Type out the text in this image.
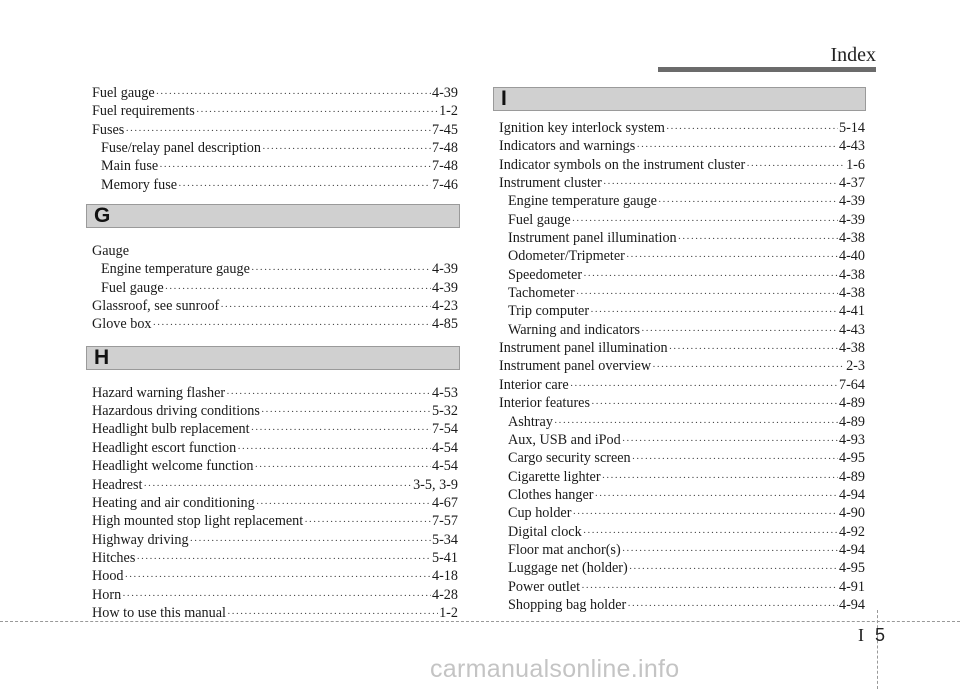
Index
Fuel gauge ·····	4-39
Fuel requirements ·····	1-2
Fuses ·····	7-45
Fuse/relay panel description ·····	7-48
Main fuse ·····	7-48
Memory fuse ·····	7-46
G
Gauge
Engine temperature gauge ·····	4-39
Fuel gauge ·····	4-39
Glassroof, see sunroof ·····	4-23
Glove box ·····	4-85
H
Hazard warning flasher ·····	4-53
Hazardous driving conditions ·····	5-32
Headlight bulb replacement ·····	7-54
Headlight escort function ·····	4-54
Headlight welcome function ·····	4-54
Headrest ·····	3-5, 3-9
Heating and air conditioning ·····	4-67
High mounted stop light replacement ·····	7-57
Highway driving ·····	5-34
Hitches ·····	5-41
Hood ·····	4-18
Horn ·····	4-28
How to use this manual ·····	1-2
I
Ignition key interlock system ·····	5-14
Indicators and warnings ·····	4-43
Indicator symbols on the instrument cluster ·····	1-6
Instrument cluster ·····	4-37
Engine temperature gauge ·····	4-39
Fuel gauge ·····	4-39
Instrument panel illumination ·····	4-38
Odometer/Tripmeter ·····	4-40
Speedometer ·····	4-38
Tachometer ·····	4-38
Trip computer ·····	4-41
Warning and indicators ·····	4-43
Instrument panel illumination ·····	4-38
Instrument panel overview ·····	2-3
Interior care ·····	7-64
Interior features ·····	4-89
Ashtray ·····	4-89
Aux, USB and iPod ·····	4-93
Cargo security screen ·····	4-95
Cigarette lighter ·····	4-89
Clothes hanger ·····	4-94
Cup holder ·····	4-90
Digital clock ·····	4-92
Floor mat anchor(s) ·····	4-94
Luggage net (holder) ·····	4-95
Power outlet ·····	4-91
Shopping bag holder ·····	4-94
I 5
carmanualsonline.info
